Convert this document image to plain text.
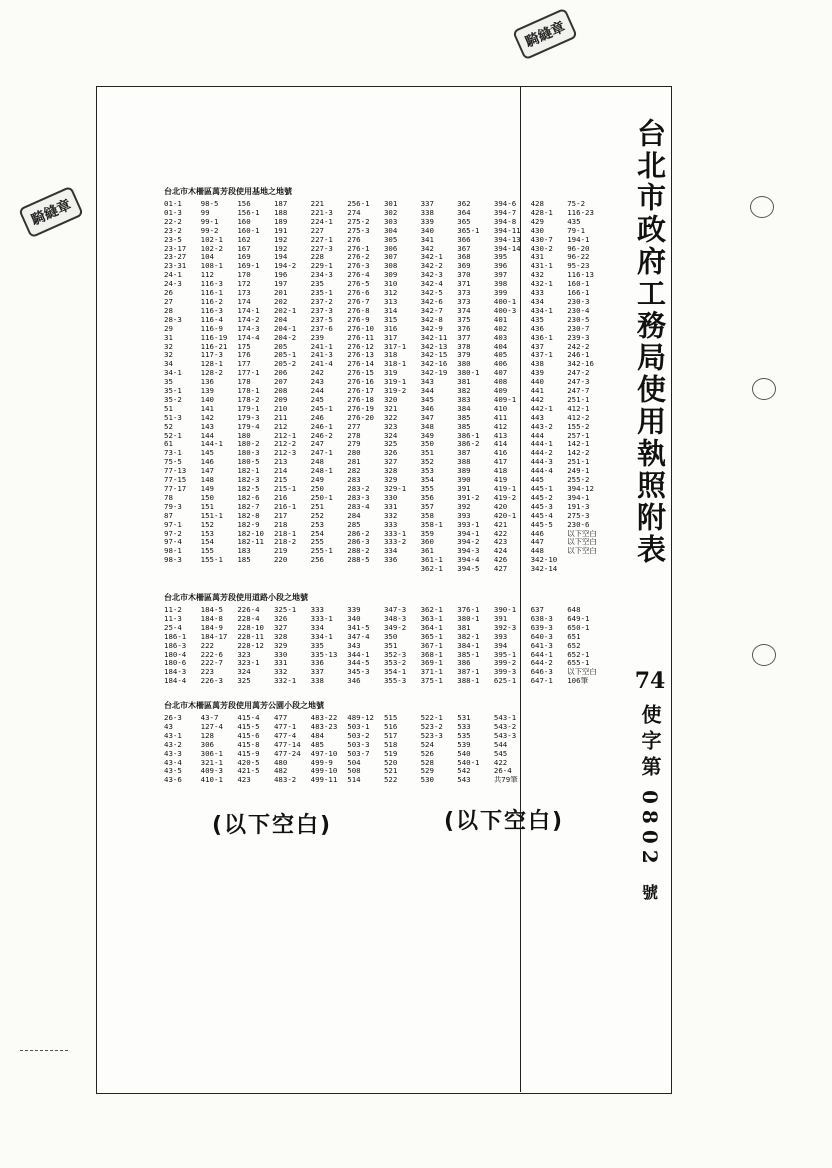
騎縫章
騎縫章	台北市政府工務局使用執照附表
74
使字第
0802
號
台北市木柵區萬芳段使用基地之地號
01-1	98-5	156	187	221	256-1	301	337	362	394-6	428	75-2
01-3	99	156-1	188	221-3	274	302	338	364	394-7	428-1	116-23
22-2	99-1	160	189	224-1	275-2	303	339	365	394-8	429	435
23-2	99-2	160-1	191	227	275-3	304	340	365-1	394-11	430	79-1
23-5	102-1	162	192	227-1	276	305	341	366	394-13	430-7	194-1
23-17	102-2	167	192	227-3	276-1	306	342	367	394-14	430-2	96-20
23-27	104	169	194	228	276-2	307	342-1	368	395	431	96-22
23-31	108-1	169-1	194-2	229-1	276-3	308	342-2	369	396	431-1	95-23
24-1	112	170	196	234-3	276-4	309	342-3	370	397	432	116-13
24-3	116-3	172	197	235	276-5	310	342-4	371	398	432-1	160-1
26	116-1	173	201	235-1	276-6	312	342-5	373	399	433	166-1
27	116-2	174	202	237-2	276-7	313	342-6	373	400-1	434	230-3
28	116-3	174-1	202-1	237-3	276-8	314	342-7	374	400-3	434-1	230-4
28-3	116-4	174-2	204	237-5	276-9	315	342-8	375	401	435	230-5
29	116-9	174-3	204-1	237-6	276-10	316	342-9	376	402	436	230-7
31	116-19	174-4	204-2	239	276-11	317	342-11	377	403	436-1	239-3
32	116-21	175	205	241-1	276-12	317-1	342-13	378	404	437	242-2
32	117-3	176	205-1	241-3	276-13	318	342-15	379	405	437-1	246-1
34	128-1	177	205-2	241-4	276-14	318-1	342-16	380	406	438	342-16
34-1	128-2	177-1	206	242	276-15	319	342-19	380-1	407	439	247-2
35	136	178	207	243	276-16	319-1	343	381	408	440	247-3
35-1	139	178-1	208	244	276-17	319-2	344	382	409	441	247-7
35-2	140	178-2	209	245	276-18	320	345	383	409-1	442	251-1
51	141	179-1	210	245-1	276-19	321	346	384	410	442-1	412-1
51-3	142	179-3	211	246	276-20	322	347	385	411	443	412-2
52	143	179-4	212	246-1	277	323	348	385	412	443-2	155-2
52-1	144	180	212-1	246-2	278	324	349	386-1	413	444	257-1
61	144-1	180-2	212-2	247	279	325	350	386-2	414	444-1	142-1
73-1	145	180-3	212-3	247-1	280	326	351	387	416	444-2	142-2
75-5	146	180-5	213	248	281	327	352	388	417	444-3	251-1
77-13	147	182-1	214	248-1	282	328	353	389	418	444-4	249-1
77-15	148	182-3	215	249	283	329	354	390	419	445	255-2
77-17	149	182-5	215-1	250	283-2	329-1	355	391	419-1	445-1	394-12
78	150	182-6	216	250-1	283-3	330	356	391-2	419-2	445-2	394-1
79-3	151	182-7	216-1	251	283-4	331	357	392	420	445-3	191-3
87	151-1	182-8	217	252	284	332	358	393	420-1	445-4	275-3
97-1	152	182-9	218	253	285	333	358-1	393-1	421	445-5	230-6
97-2	153	182-10	218-1	254	286-2	333-1	359	394-1	422	446	以下空白
97-4	154	182-11	218-2	255	286-3	333-2	360	394-2	423	447	以下空白
98-1	155	183	219	255-1	288-2	334	361	394-3	424	448	以下空白
98-3	155-1	185	220	256	288-5	336	361-1	394-4	426	342-10	
							362-1	394-5	427	342-14	
台北市木柵區萬芳段使用道路小段之地號
11-2	184-5	226-4	325-1	333	339	347-3	362-1	376-1	390-1	637	648
11-3	184-8	228-4	326	333-1	340	348-3	363-1	380-1	391	638-3	649-1
25-4	184-9	228-10	327	334	341-5	349-2	364-1	381	392-3	639-3	650-1
186-1	184-17	228-11	328	334-1	347-4	350	365-1	382-1	393	640-3	651
186-3	222	228-12	329	335	343	351	367-1	384-1	394	641-3	652
180-4	222-6	323	330	335-13	344-1	352-3	368-1	385-1	395-1	644-1	652-1
180-6	222-7	323-1	331	336	344-5	353-2	369-1	386	399-2	644-2	655-1
184-3	223	324	332	337	345-3	354-1	371-1	387-1	399-3	646-3	以下空白
184-4	226-3	325	332-1	338	346	355-3	375-1	388-1	625-1	647-1	106筆
台北市木柵區萬芳段使用萬芳公園小段之地號
26-3	43-7	415-4	477	483-22	489-12	515	522-1	531	543-1		
43	127-4	415-5	477-1	483-23	503-1	516	523-2	533	543-2		
43-1	128	415-6	477-4	484	503-2	517	523-3	535	543-3		
43-2	306	415-8	477-14	485	503-3	518	524	539	544		
43-3	306-1	415-9	477-24	497-10	503-7	519	526	540	545		
43-4	321-1	420-5	480	499-9	504	520	528	540-1	422		
43-5	409-3	421-5	482	499-10	508	521	529	542	26-4		
43-6	410-1	423	483-2	499-11	514	522	530	543	共79筆		
(以下空白)	(以下空白)
